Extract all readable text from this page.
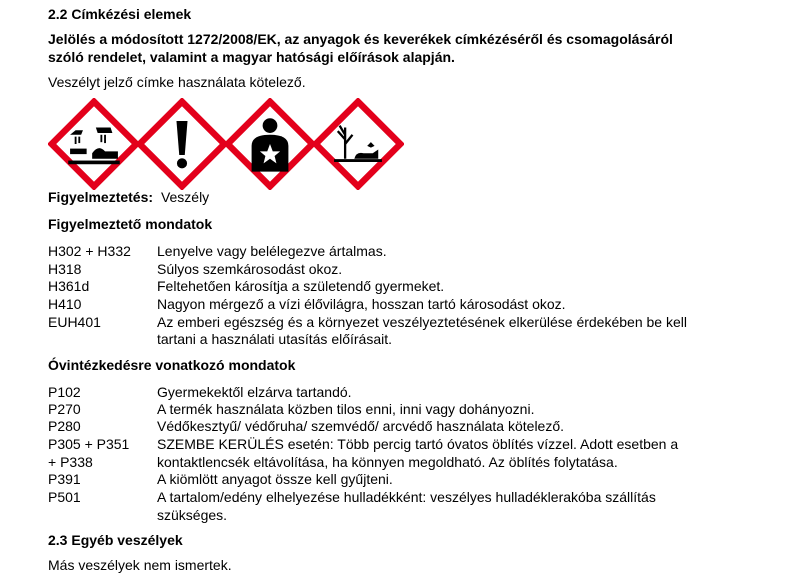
2.2 Címkézési elemek
Jelölés a módosított 1272/2008/EK, az anyagok és keverékek címkézéséről és csomagolásáról
szóló rendelet, valamint a magyar hatósági előírások alapján.
Veszélyt jelző címke használata kötelező.
Figyelmeztetés: Veszély
Figyelmeztető mondatok
H302 + H332 Lenyelve vagy belélegezve ártalmas.
H318	Súlyos szemkárosodást okoz.
H361d	Feltehetően károsítja a születendő gyermeket.
H410	Nagyon mérgező a vízi élővilágra, hosszan tartó károsodást okoz.
EUH401	Az emberi egészség és a környezet veszélyeztetésének elkerülése érdekében be kell
tartani a használati utasítás előírásait.
Óvintézkedésre vonatkozó mondatok
P102	Gyermekektől elzárva tartandó.
P270	A termék használata közben tilos enni, inni vagy dohányozni.
P280	Védőkesztyű/ védőruha/ szemvédő/ arcvédő használata kötelező.
P305 + P351 SZEMBE KERÜLÉS esetén: Több percig tartó óvatos öblítés vízzel. Adott esetben a
+ P338	kontaktlencsék eltávolítása, ha könnyen megoldható. Az öblítés folytatása.
P391	A kiömlött anyagot össze kell gyűjteni.
P501	A tartalom/edény elhelyezése hulladékként: veszélyes hulladéklerakóba szállítás
szükséges.
2.3 Egyéb veszélyek
Más veszélyek nem ismertek.
